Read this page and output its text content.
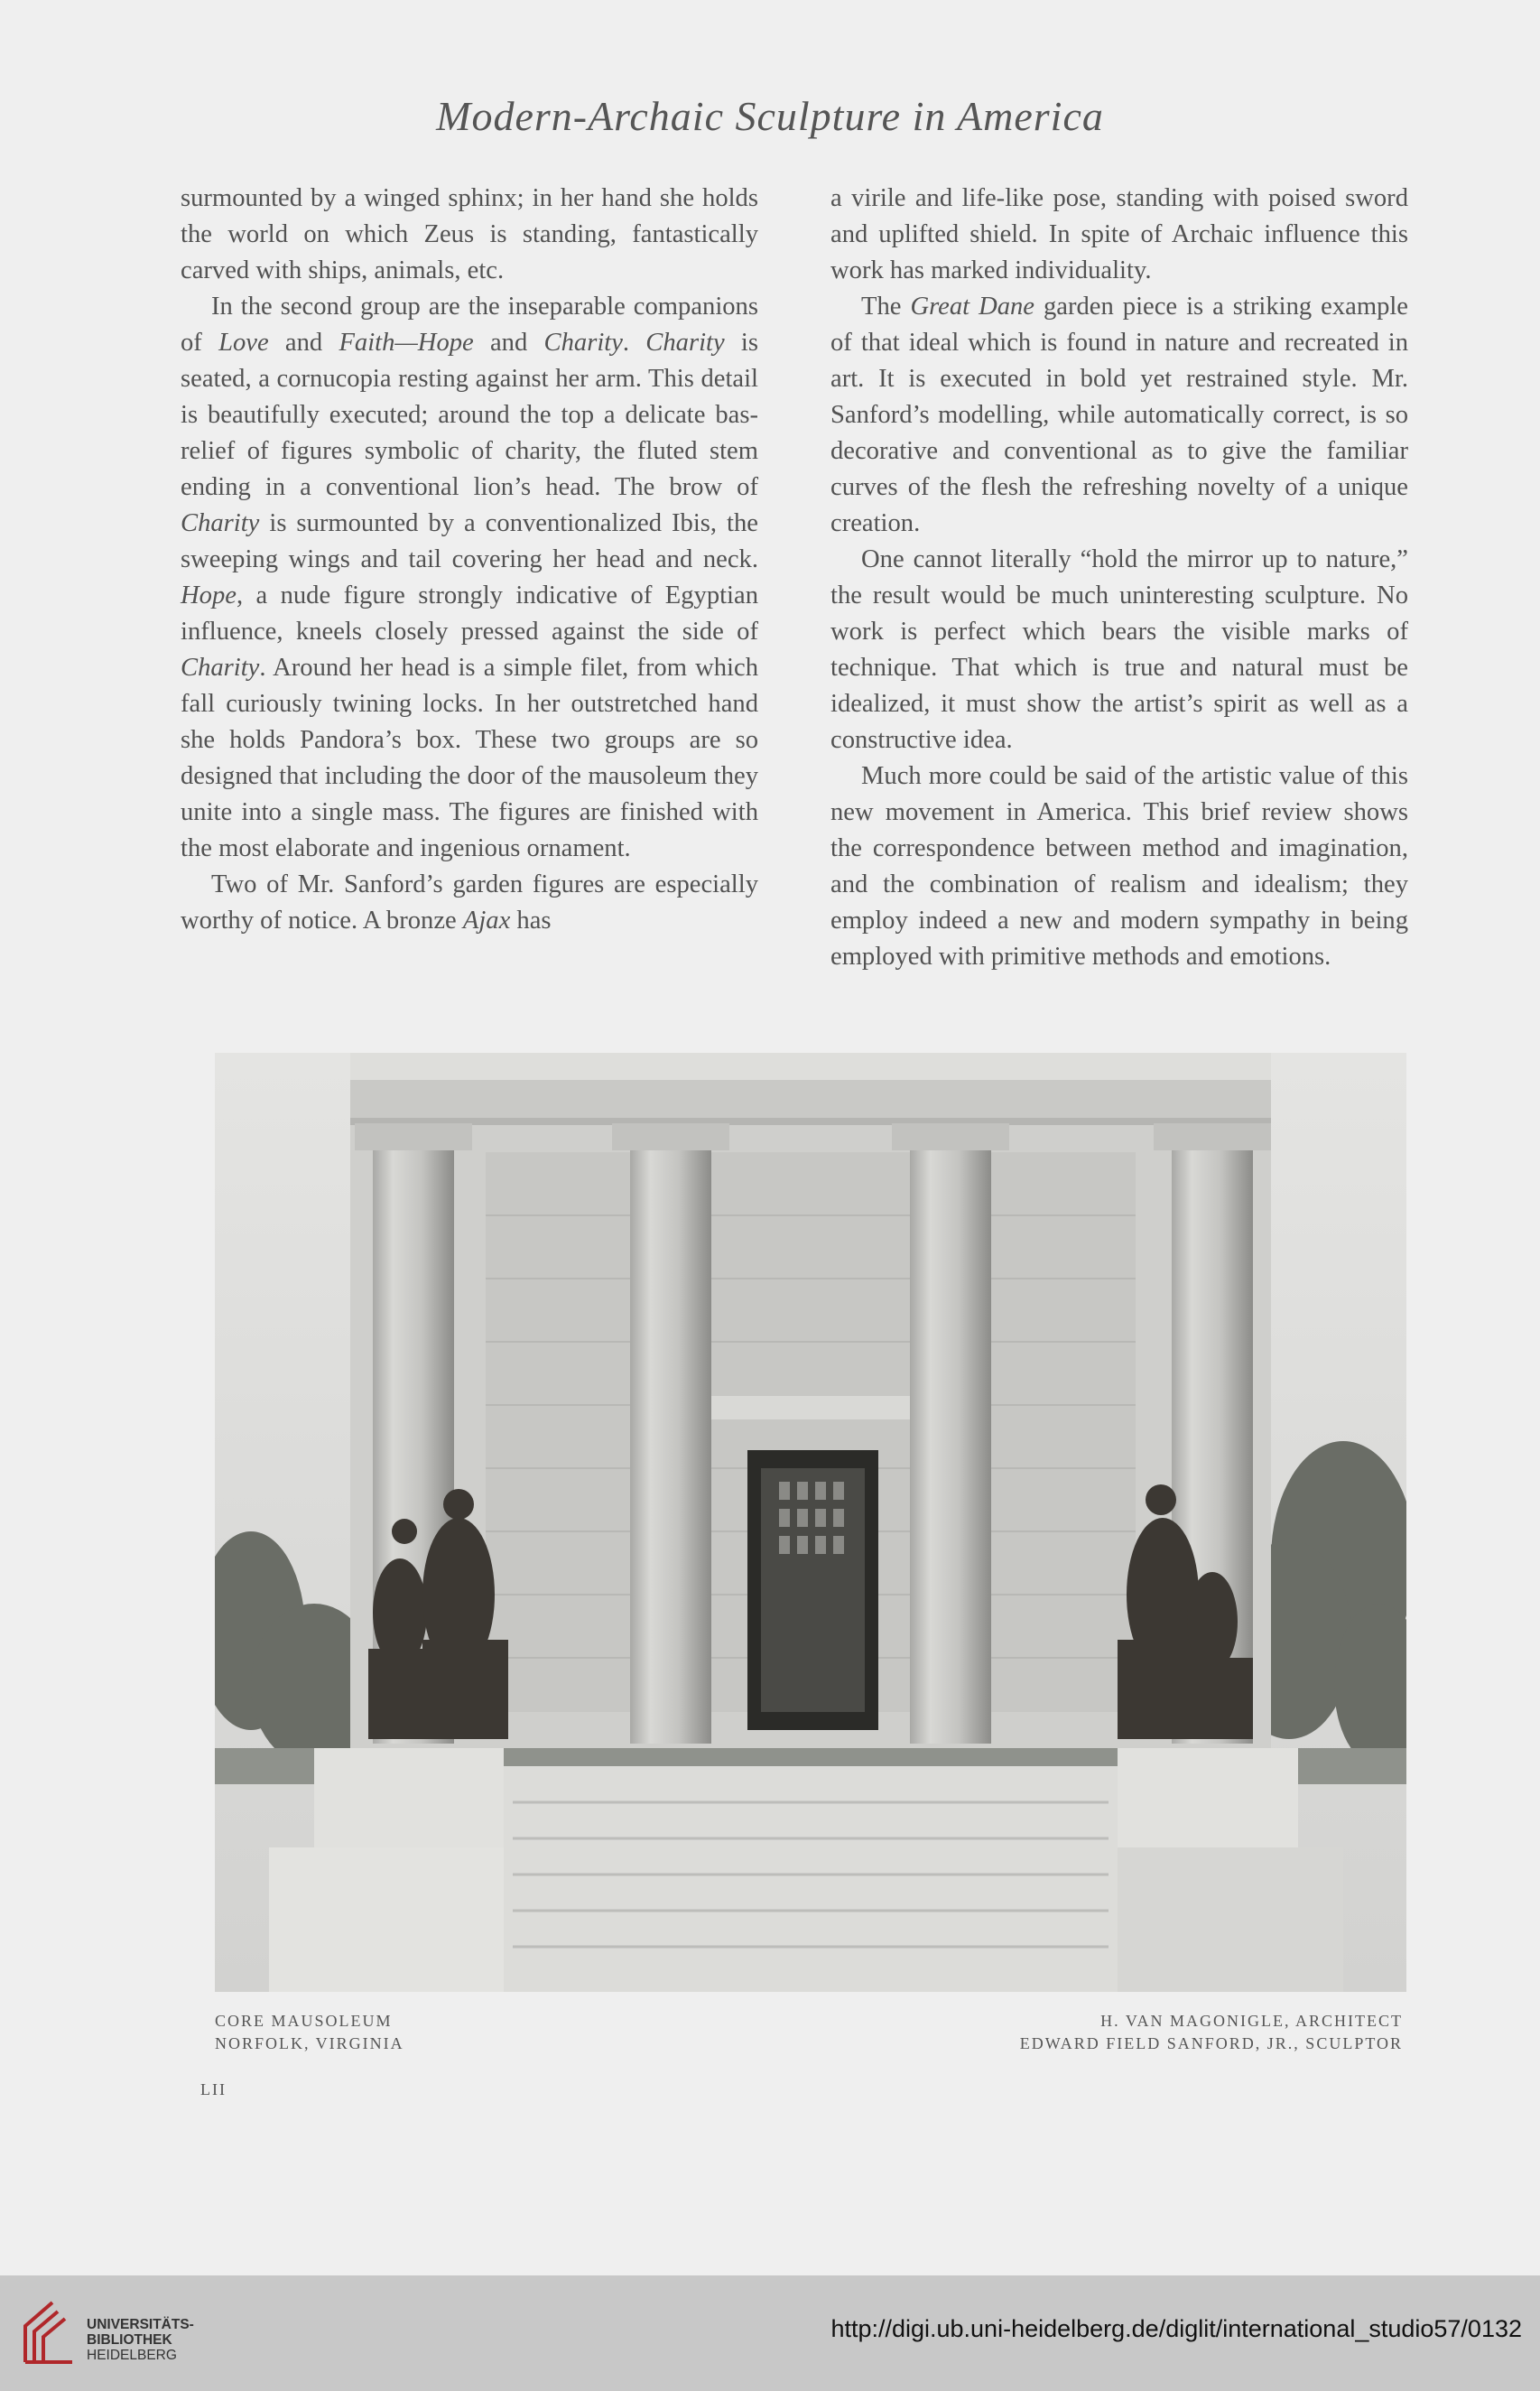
Modern-Archaic Sculpture in America

surmounted by a winged sphinx; in her hand she holds the world on which Zeus is standing, fantastically carved with ships, animals, etc.

In the second group are the inseparable companions of Love and Faith—Hope and Charity. Charity is seated, a cornucopia resting against her arm. This detail is beautifully executed; around the top a delicate bas-relief of figures symbolic of charity, the fluted stem ending in a conventional lion’s head. The brow of Charity is surmounted by a conventionalized Ibis, the sweeping wings and tail covering her head and neck. Hope, a nude figure strongly indicative of Egyptian influence, kneels closely pressed against the side of Charity. Around her head is a simple filet, from which fall curiously twining locks. In her outstretched hand she holds Pandora’s box. These two groups are so designed that including the door of the mausoleum they unite into a single mass. The figures are finished with the most elaborate and ingenious ornament.

Two of Mr. Sanford’s garden figures are especially worthy of notice. A bronze Ajax has

a virile and life-like pose, standing with poised sword and uplifted shield. In spite of Archaic influence this work has marked individuality.

The Great Dane garden piece is a striking example of that ideal which is found in nature and recreated in art. It is executed in bold yet restrained style. Mr. Sanford’s modelling, while automatically correct, is so decorative and conventional as to give the familiar curves of the flesh the refreshing novelty of a unique creation.

One cannot literally “hold the mirror up to nature,” the result would be much uninteresting sculpture. No work is perfect which bears the visible marks of technique. That which is true and natural must be idealized, it must show the artist’s spirit as well as a constructive idea.

Much more could be said of the artistic value of this new movement in America. This brief review shows the correspondence between method and imagination, and the combination of realism and idealism; they employ indeed a new and modern sympathy in being employed with primitive methods and emotions.

CORE MAUSOLEUM
NORFOLK, VIRGINIA
H. VAN MAGONIGLE, ARCHITECT
EDWARD FIELD SANFORD, JR., SCULPTOR
LII
UNIVERSITÄTS-
BIBLIOTHEK
HEIDELBERG
http://digi.ub.uni-heidelberg.de/diglit/international_studio57/0132
